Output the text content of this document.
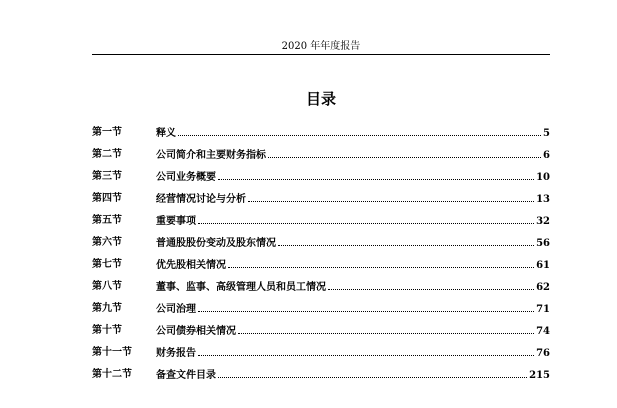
2020 年年度报告
目录
第一节	释义	5
第二节	公司简介和主要财务指标	6
第三节	公司业务概要	10
第四节	经营情况讨论与分析	13
第五节	重要事项	32
第六节	普通股股份变动及股东情况	56
第七节	优先股相关情况	61
第八节	董事、监事、高级管理人员和员工情况	62
第九节	公司治理	71
第十节	公司债券相关情况	74
第十一节	财务报告	76
第十二节	备查文件目录	215
